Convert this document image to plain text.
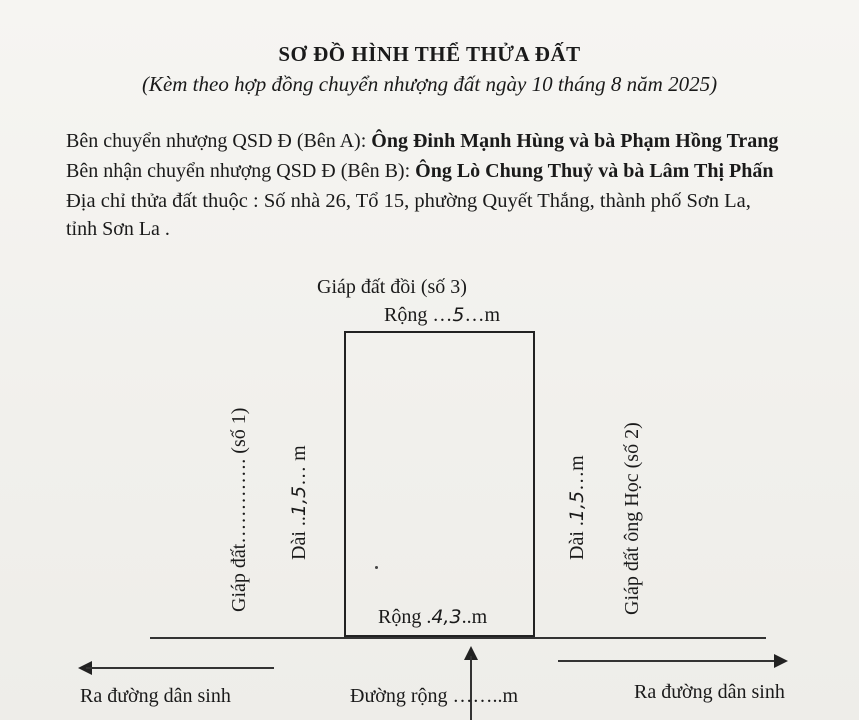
SƠ ĐỒ HÌNH THỂ THỬA ĐẤT
(Kèm theo hợp đồng chuyển nhượng đất ngày 10 tháng 8 năm 2025)
Bên chuyển nhượng QSD Đ (Bên A): Ông Đinh Mạnh Hùng và bà Phạm Hồng Trang
Bên nhận chuyển nhượng QSD Đ (Bên B): Ông Lò Chung Thuỷ và bà Lâm Thị Phấn
Địa chỉ thửa đất thuộc : Số nhà 26, Tổ 15, phường Quyết Thắng, thành phố Sơn La,
tỉnh Sơn La .
Giáp đất đồi (số 3)
Rộng …5…m
Giáp đất…………. (số 1) Dài ..1,5… m
Dài .1,5…m Giáp đất ông Học (số 2)
Rộng .4,3..m
Ra đường dân sinh	Đường rộng ……..m	Ra đường dân sinh
